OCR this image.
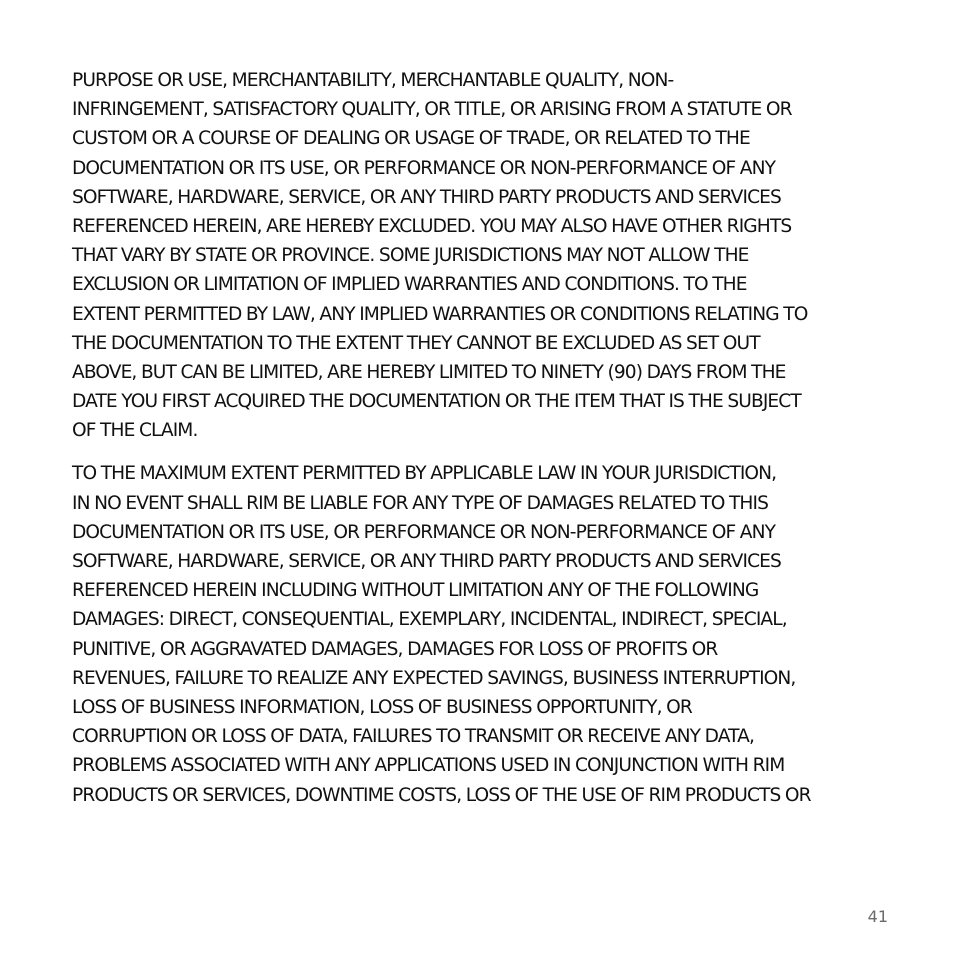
PURPOSE OR USE, MERCHANTABILITY, MERCHANTABLE QUALITY, NON-
INFRINGEMENT, SATISFACTORY QUALITY, OR TITLE, OR ARISING FROM A STATUTE OR
CUSTOM OR A COURSE OF DEALING OR USAGE OF TRADE, OR RELATED TO THE
DOCUMENTATION OR ITS USE, OR PERFORMANCE OR NON-PERFORMANCE OF ANY
SOFTWARE, HARDWARE, SERVICE, OR ANY THIRD PARTY PRODUCTS AND SERVICES
REFERENCED HEREIN, ARE HEREBY EXCLUDED. YOU MAY ALSO HAVE OTHER RIGHTS
THAT VARY BY STATE OR PROVINCE. SOME JURISDICTIONS MAY NOT ALLOW THE
EXCLUSION OR LIMITATION OF IMPLIED WARRANTIES AND CONDITIONS. TO THE
EXTENT PERMITTED BY LAW, ANY IMPLIED WARRANTIES OR CONDITIONS RELATING TO
THE DOCUMENTATION TO THE EXTENT THEY CANNOT BE EXCLUDED AS SET OUT
ABOVE, BUT CAN BE LIMITED, ARE HEREBY LIMITED TO NINETY (90) DAYS FROM THE
DATE YOU FIRST ACQUIRED THE DOCUMENTATION OR THE ITEM THAT IS THE SUBJECT
OF THE CLAIM.
TO THE MAXIMUM EXTENT PERMITTED BY APPLICABLE LAW IN YOUR JURISDICTION,
IN NO EVENT SHALL RIM BE LIABLE FOR ANY TYPE OF DAMAGES RELATED TO THIS
DOCUMENTATION OR ITS USE, OR PERFORMANCE OR NON-PERFORMANCE OF ANY
SOFTWARE, HARDWARE, SERVICE, OR ANY THIRD PARTY PRODUCTS AND SERVICES
REFERENCED HEREIN INCLUDING WITHOUT LIMITATION ANY OF THE FOLLOWING
DAMAGES: DIRECT, CONSEQUENTIAL, EXEMPLARY, INCIDENTAL, INDIRECT, SPECIAL,
PUNITIVE, OR AGGRAVATED DAMAGES, DAMAGES FOR LOSS OF PROFITS OR
REVENUES, FAILURE TO REALIZE ANY EXPECTED SAVINGS, BUSINESS INTERRUPTION,
LOSS OF BUSINESS INFORMATION, LOSS OF BUSINESS OPPORTUNITY, OR
CORRUPTION OR LOSS OF DATA, FAILURES TO TRANSMIT OR RECEIVE ANY DATA,
PROBLEMS ASSOCIATED WITH ANY APPLICATIONS USED IN CONJUNCTION WITH RIM
PRODUCTS OR SERVICES, DOWNTIME COSTS, LOSS OF THE USE OF RIM PRODUCTS OR
41
